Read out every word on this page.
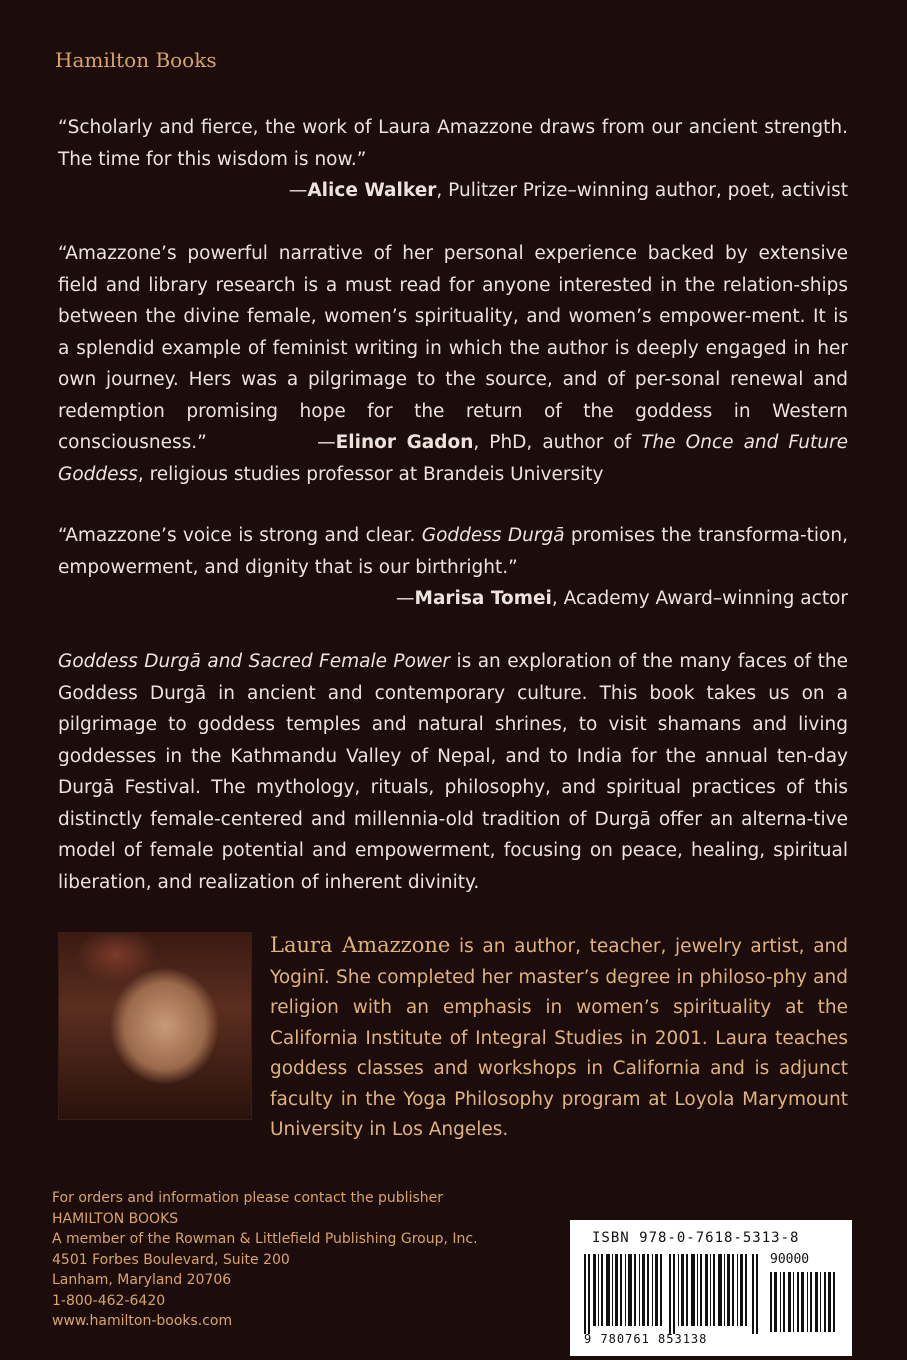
Hamilton Books

“Scholarly and fierce, the work of Laura Amazzone draws from our ancient strength. The time for this wisdom is now.”

—Alice Walker, Pulitzer Prize–winning author, poet, activist

“Amazzone’s powerful narrative of her personal experience backed by extensive field and library research is a must read for anyone interested in the relation-ships between the divine female, women’s spirituality, and women’s empower-ment. It is a splendid example of feminist writing in which the author is deeply engaged in her own journey. Hers was a pilgrimage to the source, and of per-sonal renewal and redemption promising hope for the return of the goddess in Western consciousness.”	—Elinor Gadon, PhD, author of The Once and Future Goddess, religious studies professor at Brandeis University

“Amazzone’s voice is strong and clear. Goddess Durgā promises the transforma-tion, empowerment, and dignity that is our birthright.”

—Marisa Tomei, Academy Award–winning actor

Goddess Durgā and Sacred Female Power is an exploration of the many faces of the Goddess Durgā in ancient and contemporary culture. This book takes us on a pilgrimage to goddess temples and natural shrines, to visit shamans and living goddesses in the Kathmandu Valley of Nepal, and to India for the annual ten-day Durgā Festival. The mythology, rituals, philosophy, and spiritual practices of this distinctly female-centered and millennia-old tradition of Durgā offer an alterna-tive model of female potential and empowerment, focusing on peace, healing, spiritual liberation, and realization of inherent divinity.

Laura Amazzone is an author, teacher, jewelry artist, and Yoginī. She completed her master’s degree in philoso-phy and religion with an emphasis in women’s spirituality at the California Institute of Integral Studies in 2001. Laura teaches goddess classes and workshops in California and is adjunct faculty in the Yoga Philosophy program at Loyola Marymount University in Los Angeles.
For orders and information please contact the publisher
HAMILTON BOOKS
A member of the Rowman & Littlefield Publishing Group, Inc.
4501 Forbes Boulevard, Suite 200
Lanham, Maryland 20706
1-800-462-6420
www.hamilton-books.com
ISBN 978-0-7618-5313-8
90000
9 780761 853138
